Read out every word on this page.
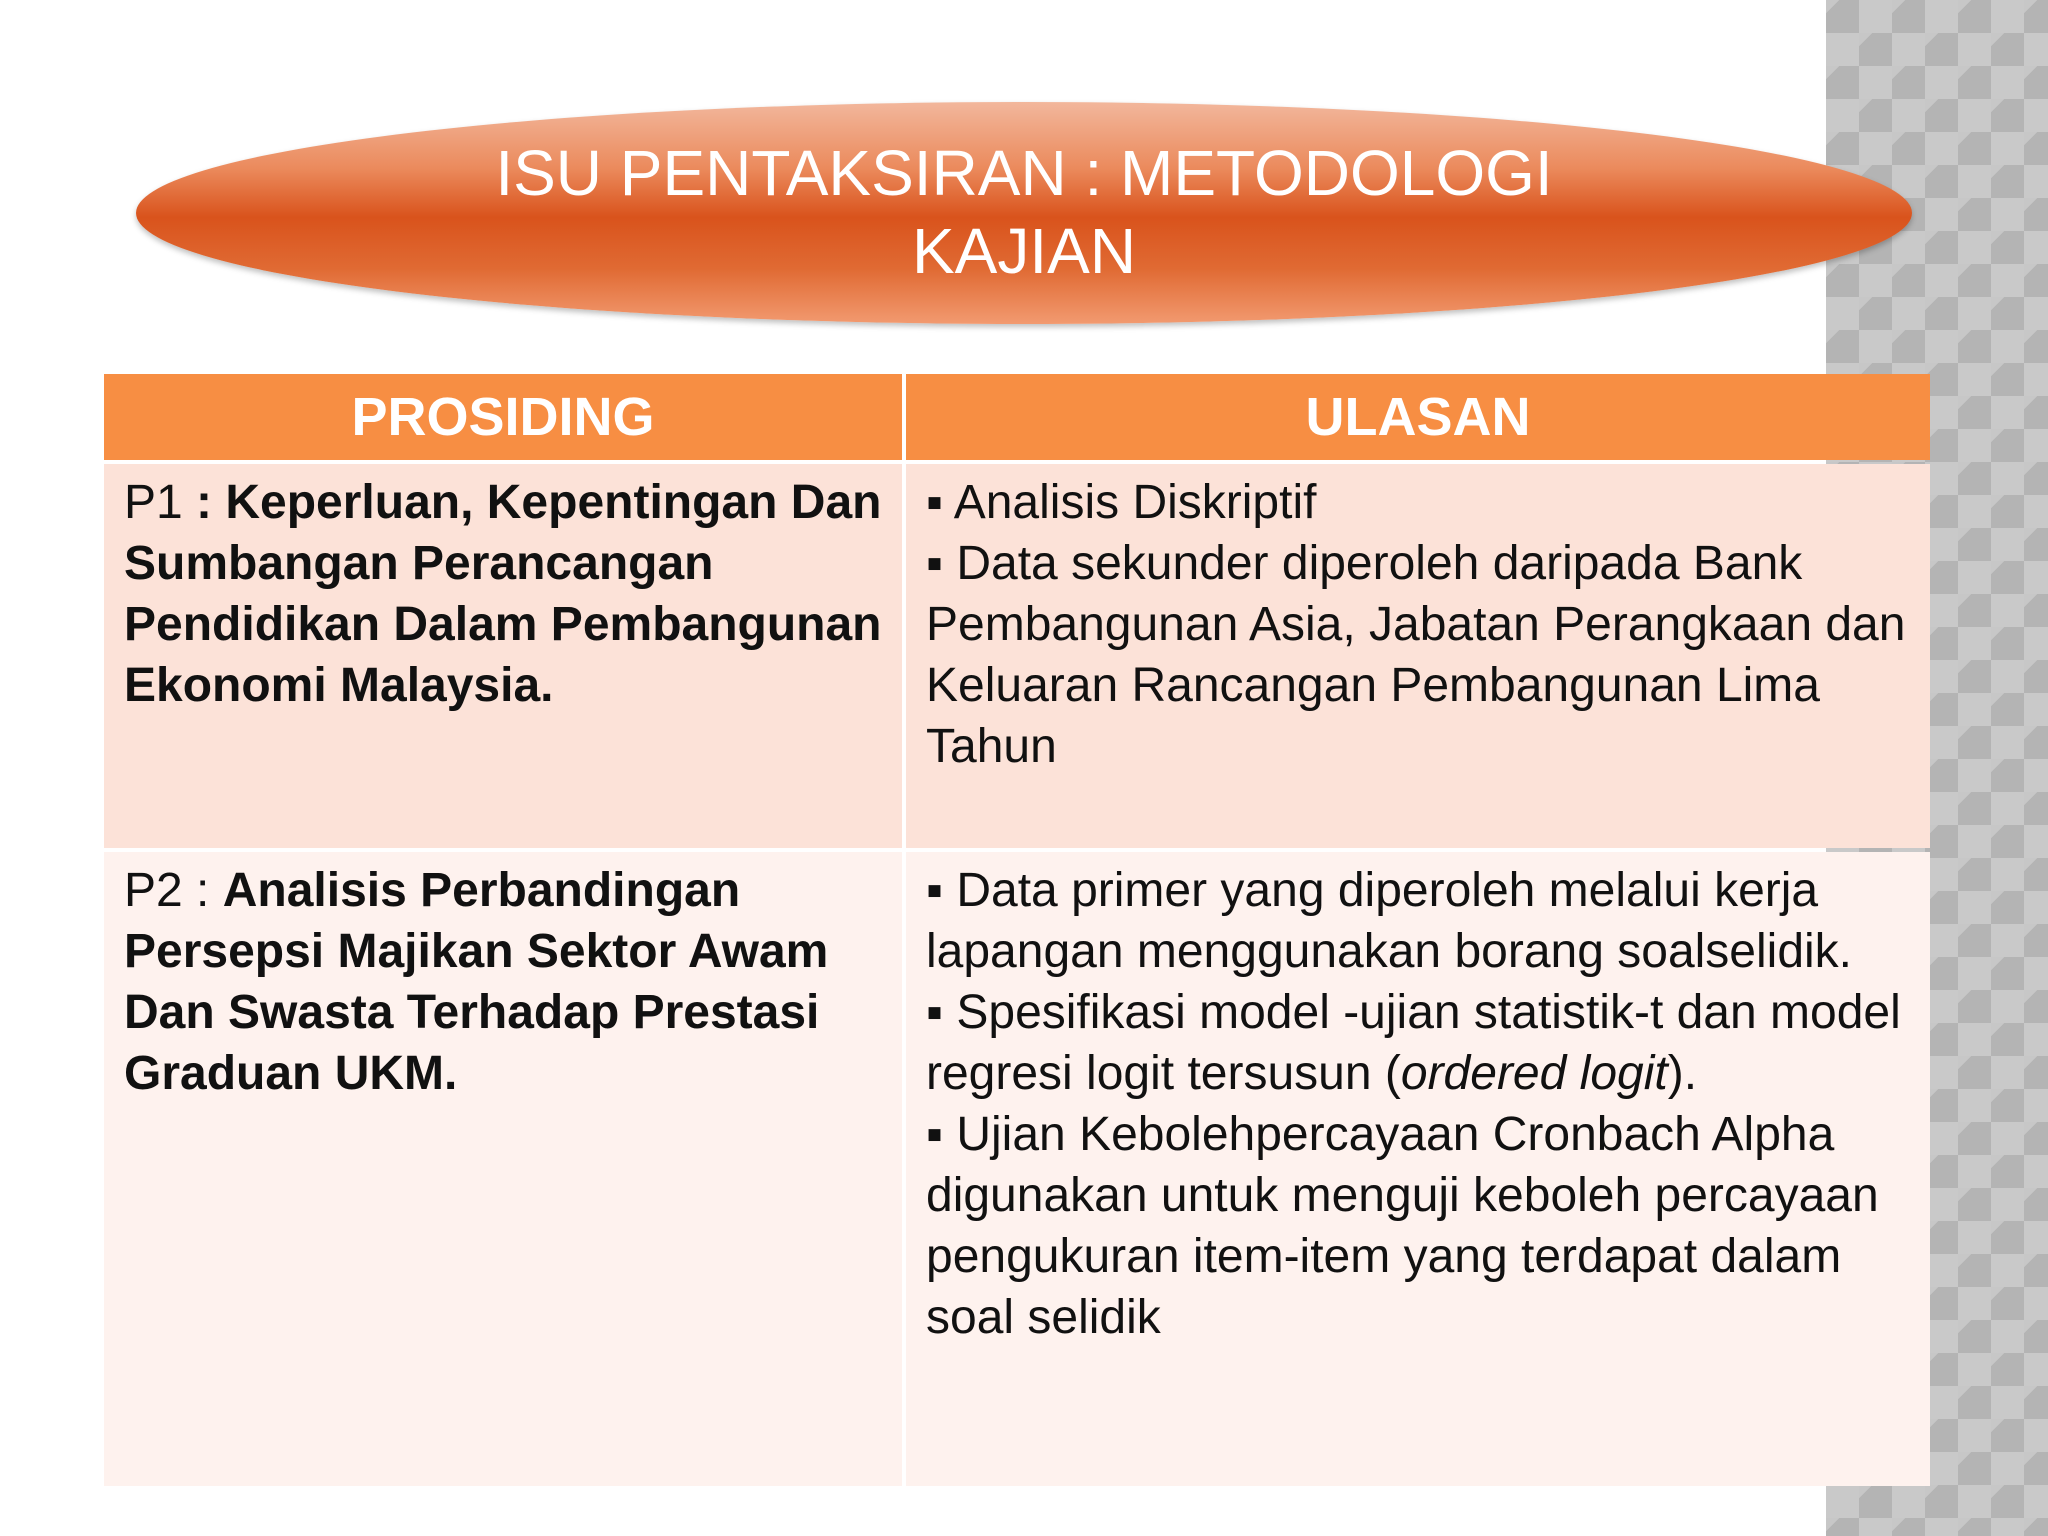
ISU PENTAKSIRAN : METODOLOGI
KAJIAN
PROSIDING	ULASAN
P1 : Keperluan, Kepentingan Dan Sumbangan Perancangan Pendidikan Dalam Pembangunan Ekonomi Malaysia.
▪ Analisis Diskriptif
▪ Data sekunder diperoleh daripada Bank Pembangunan Asia, Jabatan Perangkaan dan Keluaran Rancangan Pembangunan Lima Tahun
P2 : Analisis Perbandingan Persepsi Majikan Sektor Awam Dan Swasta Terhadap Prestasi Graduan UKM.
▪ Data primer yang diperoleh melalui kerja lapangan menggunakan borang soalselidik.
▪ Spesifikasi model -ujian statistik-t dan model regresi logit tersusun (ordered logit).
▪ Ujian Kebolehpercayaan Cronbach Alpha digunakan untuk menguji keboleh percayaan pengukuran item-item yang terdapat dalam soal selidik
